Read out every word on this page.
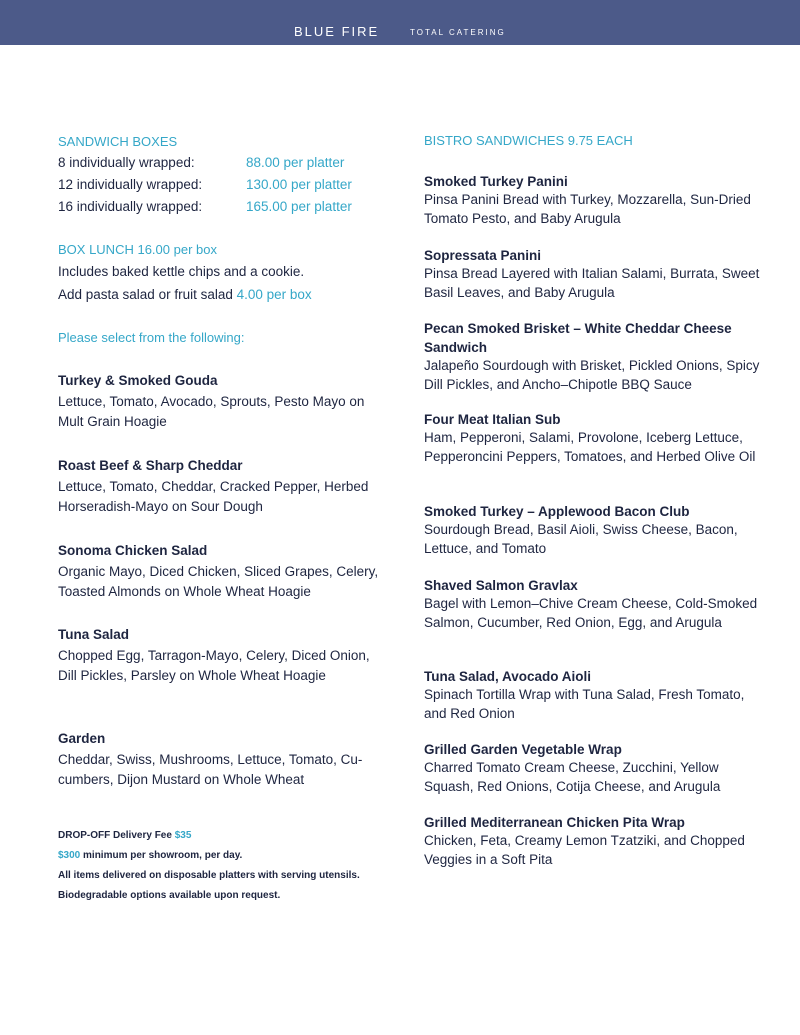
BLUE FIRE	TOTAL CATERING
SANDWICH BOXES
8 individually wrapped:	88.00 per platter
12 individually wrapped:	130.00 per platter
16 individually wrapped:	165.00 per platter
BOX LUNCH 16.00 per box
Includes baked kettle chips and a cookie.
Add pasta salad or fruit salad 4.00 per box
Please select from the following:
Turkey & Smoked Gouda
Lettuce, Tomato, Avocado, Sprouts, Pesto Mayo on Mult Grain Hoagie
Roast Beef & Sharp Cheddar
Lettuce, Tomato, Cheddar, Cracked Pepper, Herbed Horseradish-Mayo on Sour Dough
Sonoma Chicken Salad
Organic Mayo, Diced Chicken, Sliced Grapes, Celery, Toasted Almonds on Whole Wheat Hoagie
Tuna Salad
Chopped Egg, Tarragon-Mayo, Celery, Diced Onion, Dill Pickles, Parsley on Whole Wheat Hoagie
Garden
Cheddar, Swiss, Mushrooms, Lettuce, Tomato, Cu-cumbers, Dijon Mustard on Whole Wheat
DROP-OFF Delivery Fee $35
$300 minimum per showroom, per day.
All items delivered on disposable platters with serving utensils.
Biodegradable options available upon request.
BISTRO SANDWICHES 9.75 EACH
Smoked Turkey Panini
Pinsa Panini Bread with Turkey, Mozzarella, Sun-Dried Tomato Pesto, and Baby Arugula
Sopressata Panini
Pinsa Bread Layered with Italian Salami, Burrata, Sweet Basil Leaves, and Baby Arugula
Pecan Smoked Brisket – White Cheddar Cheese Sandwich
Jalapeño Sourdough with Brisket, Pickled Onions, Spicy Dill Pickles, and Ancho–Chipotle BBQ Sauce
Four Meat Italian Sub
Ham, Pepperoni, Salami, Provolone, Iceberg Lettuce, Pepperoncini Peppers, Tomatoes, and Herbed Olive Oil
Smoked Turkey – Applewood Bacon Club
Sourdough Bread, Basil Aioli, Swiss Cheese, Bacon, Lettuce, and Tomato
Shaved Salmon Gravlax
Bagel with Lemon–Chive Cream Cheese, Cold-Smoked Salmon, Cucumber, Red Onion, Egg, and Arugula
Tuna Salad, Avocado Aioli
Spinach Tortilla Wrap with Tuna Salad, Fresh Tomato, and Red Onion
Grilled Garden Vegetable Wrap
Charred Tomato Cream Cheese, Zucchini, Yellow Squash, Red Onions, Cotija Cheese, and Arugula
Grilled Mediterranean Chicken Pita Wrap
Chicken, Feta, Creamy Lemon Tzatziki, and Chopped Veggies in a Soft Pita
